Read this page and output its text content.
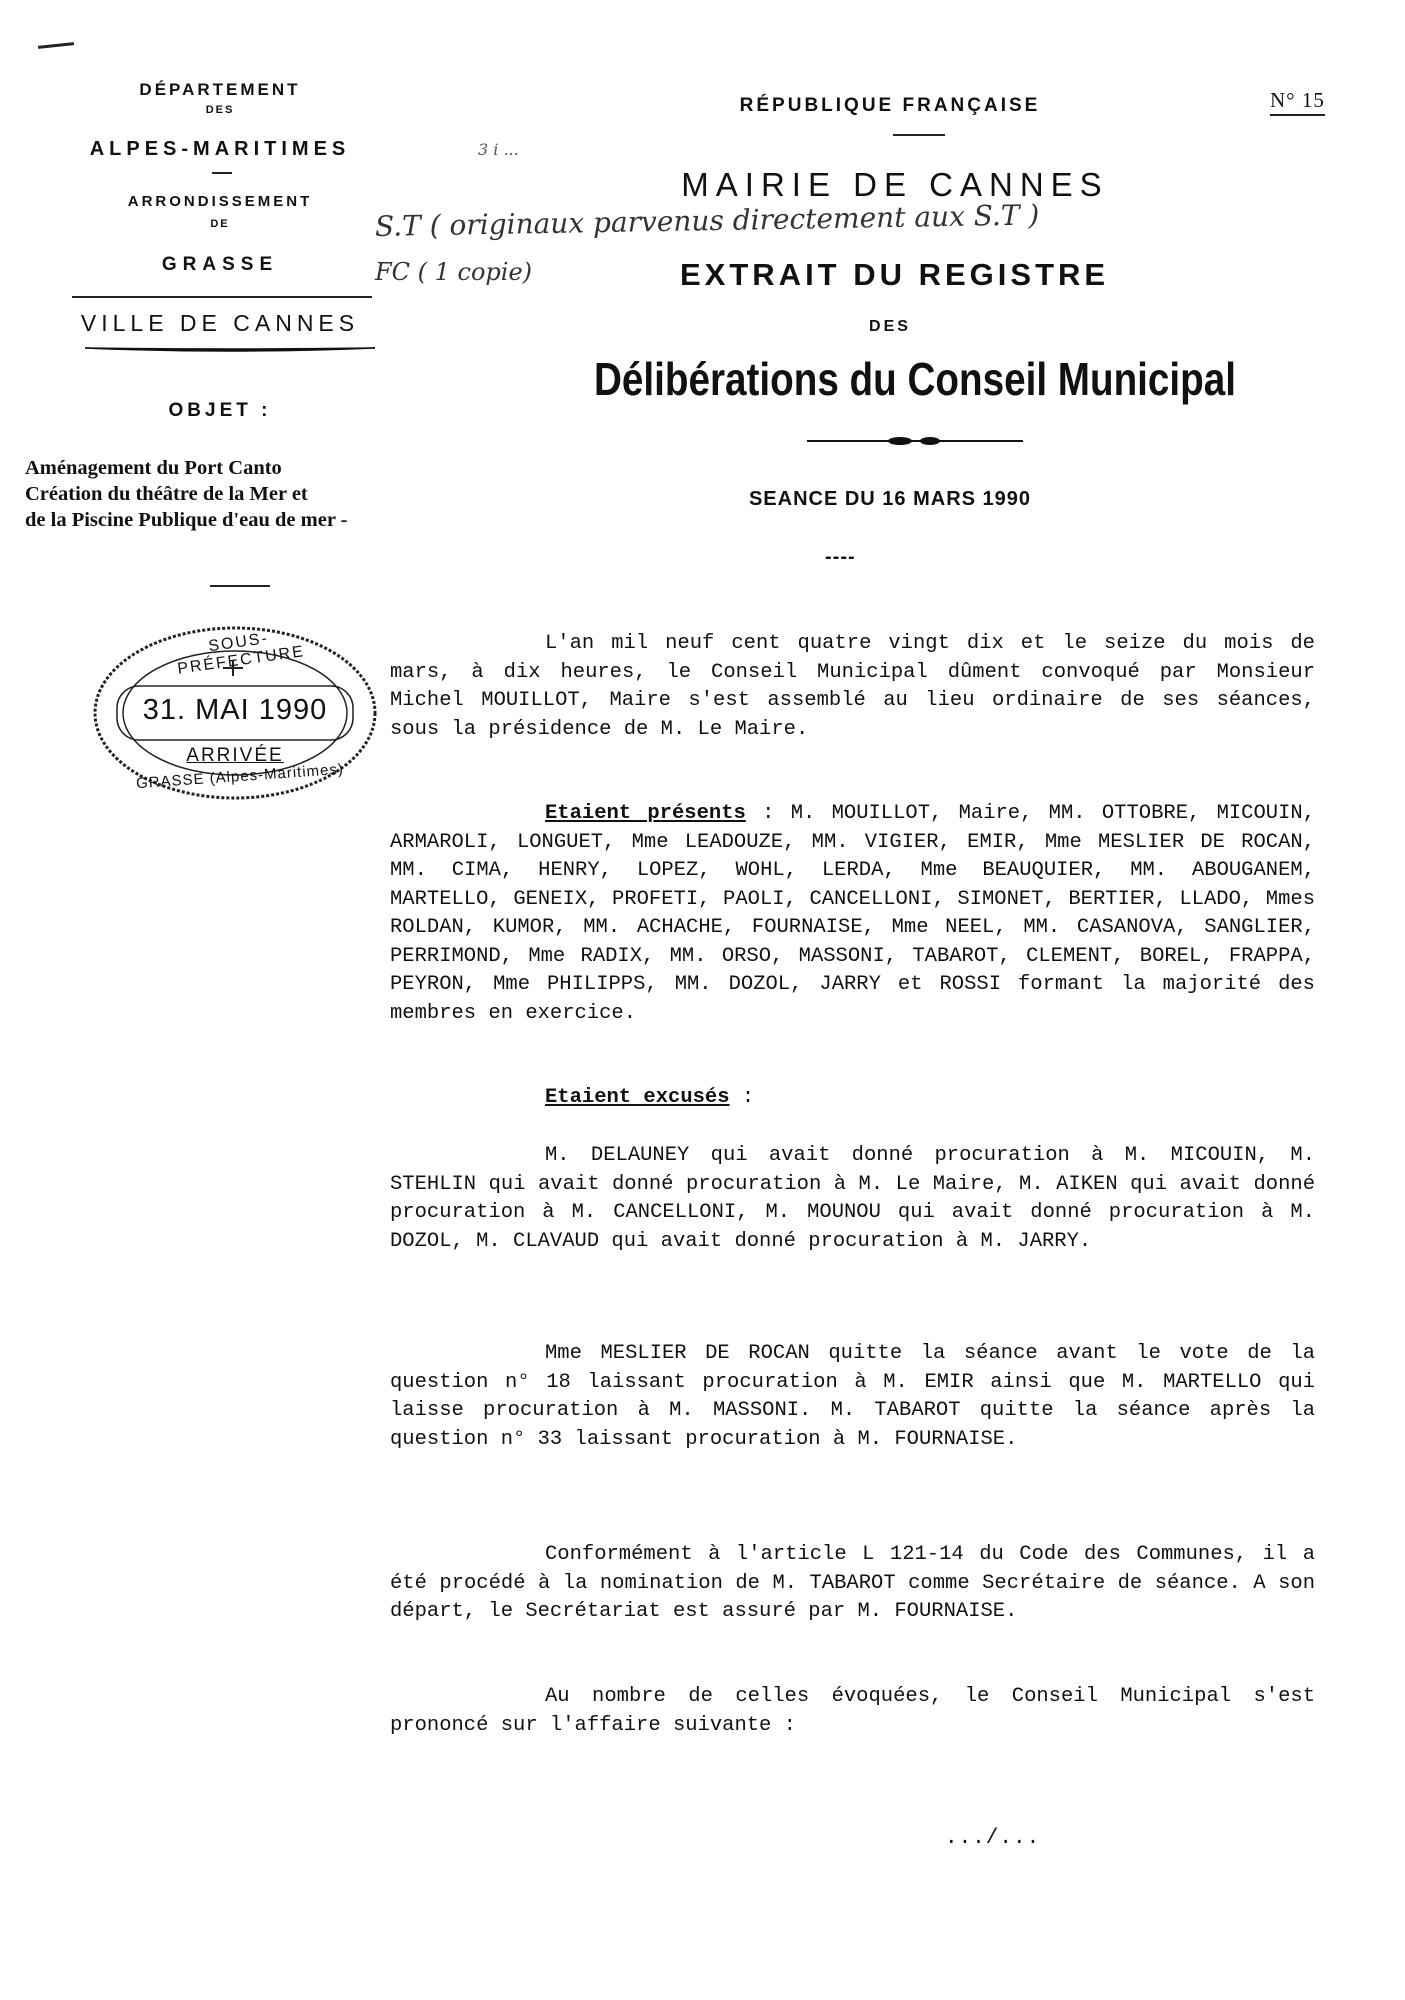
DÉPARTEMENT
DES
ALPES-MARITIMES
ARRONDISSEMENT
DE
GRASSE
VILLE DE CANNES
OBJET :
Aménagement du Port Canto
Création du théâtre de la Mer et
de la Piscine Publique d'eau de mer -
RÉPUBLIQUE FRANÇAISE	N° 15
MAIRIE DE CANNES
EXTRAIT DU REGISTRE
DES
Délibérations du Conseil Municipal
SEANCE DU 16 MARS 1990
----
3 i ...
S.T ( originaux parvenus directement aux S.T )
FC ( 1 copie)
SOUS-PRÉFECTURE
31. MAI 1990
ARRIVÉE
GRASSE (Alpes-Maritimes)

L'an mil neuf cent quatre vingt dix et le seize du mois de mars, à dix heures, le Conseil Municipal dûment convoqué par Monsieur Michel MOUILLOT, Maire s'est assemblé au lieu ordinaire de ses séances, sous la présidence de M. Le Maire.

Etaient présents : M. MOUILLOT, Maire, MM. OTTOBRE, MICOUIN, ARMAROLI, LONGUET, Mme LEADOUZE, MM. VIGIER, EMIR, Mme MESLIER DE ROCAN, MM. CIMA, HENRY, LOPEZ, WOHL, LERDA, Mme BEAUQUIER, MM. ABOUGANEM, MARTELLO, GENEIX, PROFETI, PAOLI, CANCELLONI, SIMONET, BERTIER, LLADO, Mmes ROLDAN, KUMOR, MM. ACHACHE, FOURNAISE, Mme NEEL, MM. CASANOVA, SANGLIER, PERRIMOND, Mme RADIX, MM. ORSO, MASSONI, TABAROT, CLEMENT, BOREL, FRAPPA, PEYRON, Mme PHILIPPS, MM. DOZOL, JARRY et ROSSI formant la majorité des membres en exercice.

Etaient excusés :

M. DELAUNEY qui avait donné procuration à M. MICOUIN, M. STEHLIN qui avait donné procuration à M. Le Maire, M. AIKEN qui avait donné procuration à M. CANCELLONI, M. MOUNOU qui avait donné procuration à M. DOZOL, M. CLAVAUD qui avait donné procuration à M. JARRY.

Mme MESLIER DE ROCAN quitte la séance avant le vote de la question n° 18 laissant procuration à M. EMIR ainsi que M. MARTELLO qui laisse procuration à M. MASSONI. M. TABAROT quitte la séance après la question n° 33 laissant procuration à M. FOURNAISE.

Conformément à l'article L 121-14 du Code des Communes, il a été procédé à la nomination de M. TABAROT comme Secrétaire de séance. A son départ, le Secrétariat est assuré par M. FOURNAISE.

Au nombre de celles évoquées, le Conseil Municipal s'est prononcé sur l'affaire suivante :

.../...
